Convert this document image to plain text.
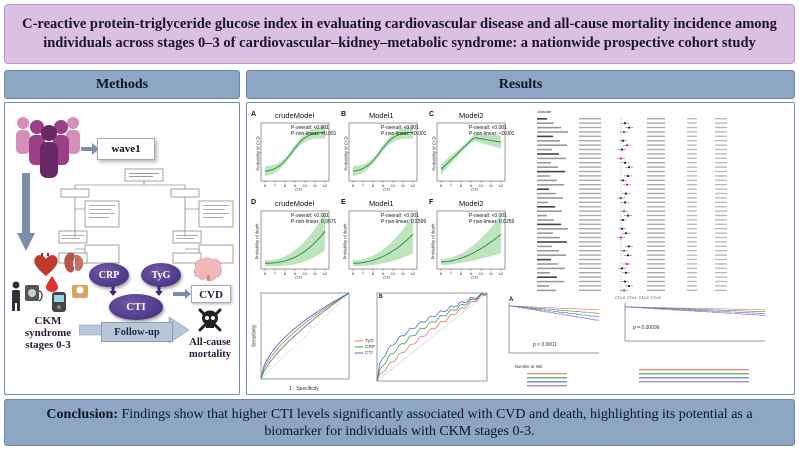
C-reactive protein-triglyceride glucose index in evaluating cardiovascular disease and all-cause mortality incidence among individuals across stages 0–3 of cardiovascular–kidney–metabolic syndrome: a nationwide prospective cohort study
Methods	Results
wave1
CKM syndrome stages 0-3
CRP	TyG
CTI
Follow-up
CVD
All-cause mortality
6 7 8 9 10 11 12	6 7 8 9 10 11 12	6 7 8 9 10 11 12
6 7 8 9 10 11 12	6 7 8 9 10 11 12	6 7 8 9 10 11 12
B
Character
A	crudeModel
P-overall: <0.001
P-non-linear: <0.001
B	Model1
P-overall: <0.001
P-non-linear: <0.001
C	Model2
P-overall: <0.001
P-non-linear: <0.001
D	crudeModel
P-overall: <0.001
P-non-linear: 0.9671
E	Model1
P-overall: <0.001
P-non-linear: 0.5599
F	Model2
P-overall: <0.001
P-non-linear: 0.0259
CTI	CTI	CTI
CTI	CTI	CTI
Probability of CVD	Probability of CVD	Probability of CVD
Probability of death	Probability of death	Probability of death
1 - Specificity
Sensitivity	TyG
CRP
CTI
A
p < 0.0001
p = 0.00096
Number at risk
CTI=0 CTI=1 CTI=2 CTI=3
Conclusion: Findings show that higher CTI levels significantly associated with CVD and death, highlighting its potential as a biomarker for individuals with CKM stages 0-3.
